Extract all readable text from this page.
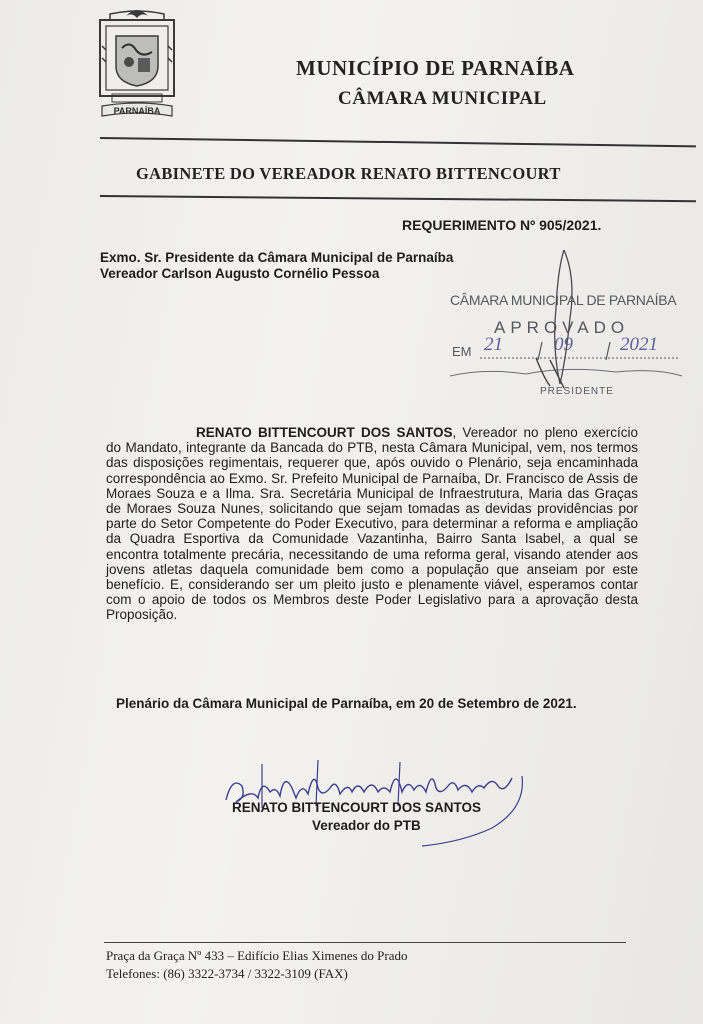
PARNAÍBA
MUNICÍPIO DE PARNAÍBA
CÂMARA MUNICIPAL
GABINETE DO VEREADOR RENATO BITTENCOURT
REQUERIMENTO Nº 905/2021.
Exmo. Sr. Presidente da Câmara Municipal de Parnaíba
Vereador Carlson Augusto Cornélio Pessoa
CÂMARA MUNICIPAL DE PARNAÍBA
APROVADO
EM 21	09 2021
PRESIDENTE
RENATO BITTENCOURT DOS SANTOS, Vereador no pleno exercício do Mandato, integrante da Bancada do PTB, nesta Câmara Municipal, vem, nos termos das disposições regimentais, requerer que, após ouvido o Plenário, seja encaminhada correspondência ao Exmo. Sr. Prefeito Municipal de Parnaíba, Dr. Francisco de Assis de Moraes Souza e a Ilma. Sra. Secretária Municipal de Infraestrutura, Maria das Graças de Moraes Souza Nunes, solicitando que sejam tomadas as devidas providências por parte do Setor Competente do Poder Executivo, para determinar a reforma e ampliação da Quadra Esportiva da Comunidade Vazantinha, Bairro Santa Isabel, a qual se encontra totalmente precária, necessitando de uma reforma geral, visando atender aos jovens atletas daquela comunidade bem como a população que anseiam por este benefício. E, considerando ser um pleito justo e plenamente viável, esperamos contar com o apoio de todos os Membros deste Poder Legislativo para a aprovação desta Proposição.
Plenário da Câmara Municipal de Parnaíba, em 20 de Setembro de 2021.
RENATO BITTENCOURT DOS SANTOS
Vereador do PTB
Praça da Graça Nº 433 – Edifício Elias Ximenes do Prado
Telefones: (86) 3322-3734 / 3322-3109 (FAX)
